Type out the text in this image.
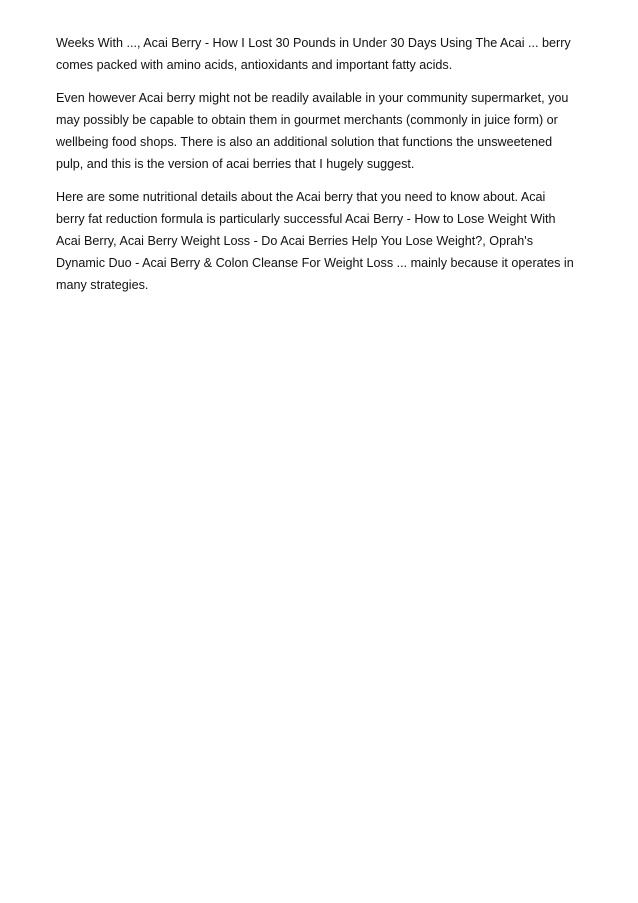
Weeks With ..., Acai Berry - How I Lost 30 Pounds in Under 30 Days Using The Acai ... berry
comes packed with amino acids, antioxidants and important fatty acids.

Even however Acai berry might not be readily available in your community supermarket, you
may possibly be capable to obtain them in gourmet merchants (commonly in juice form) or
wellbeing food shops. There is also an additional solution that functions the unsweetened
pulp, and this is the version of acai berries that I hugely suggest.

Here are some nutritional details about the Acai berry that you need to know about. Acai
berry fat reduction formula is particularly successful Acai Berry - How to Lose Weight With
Acai Berry, Acai Berry Weight Loss - Do Acai Berries Help You Lose Weight?, Oprah's
Dynamic Duo - Acai Berry & Colon Cleanse For Weight Loss ... mainly because it operates in
many strategies.
